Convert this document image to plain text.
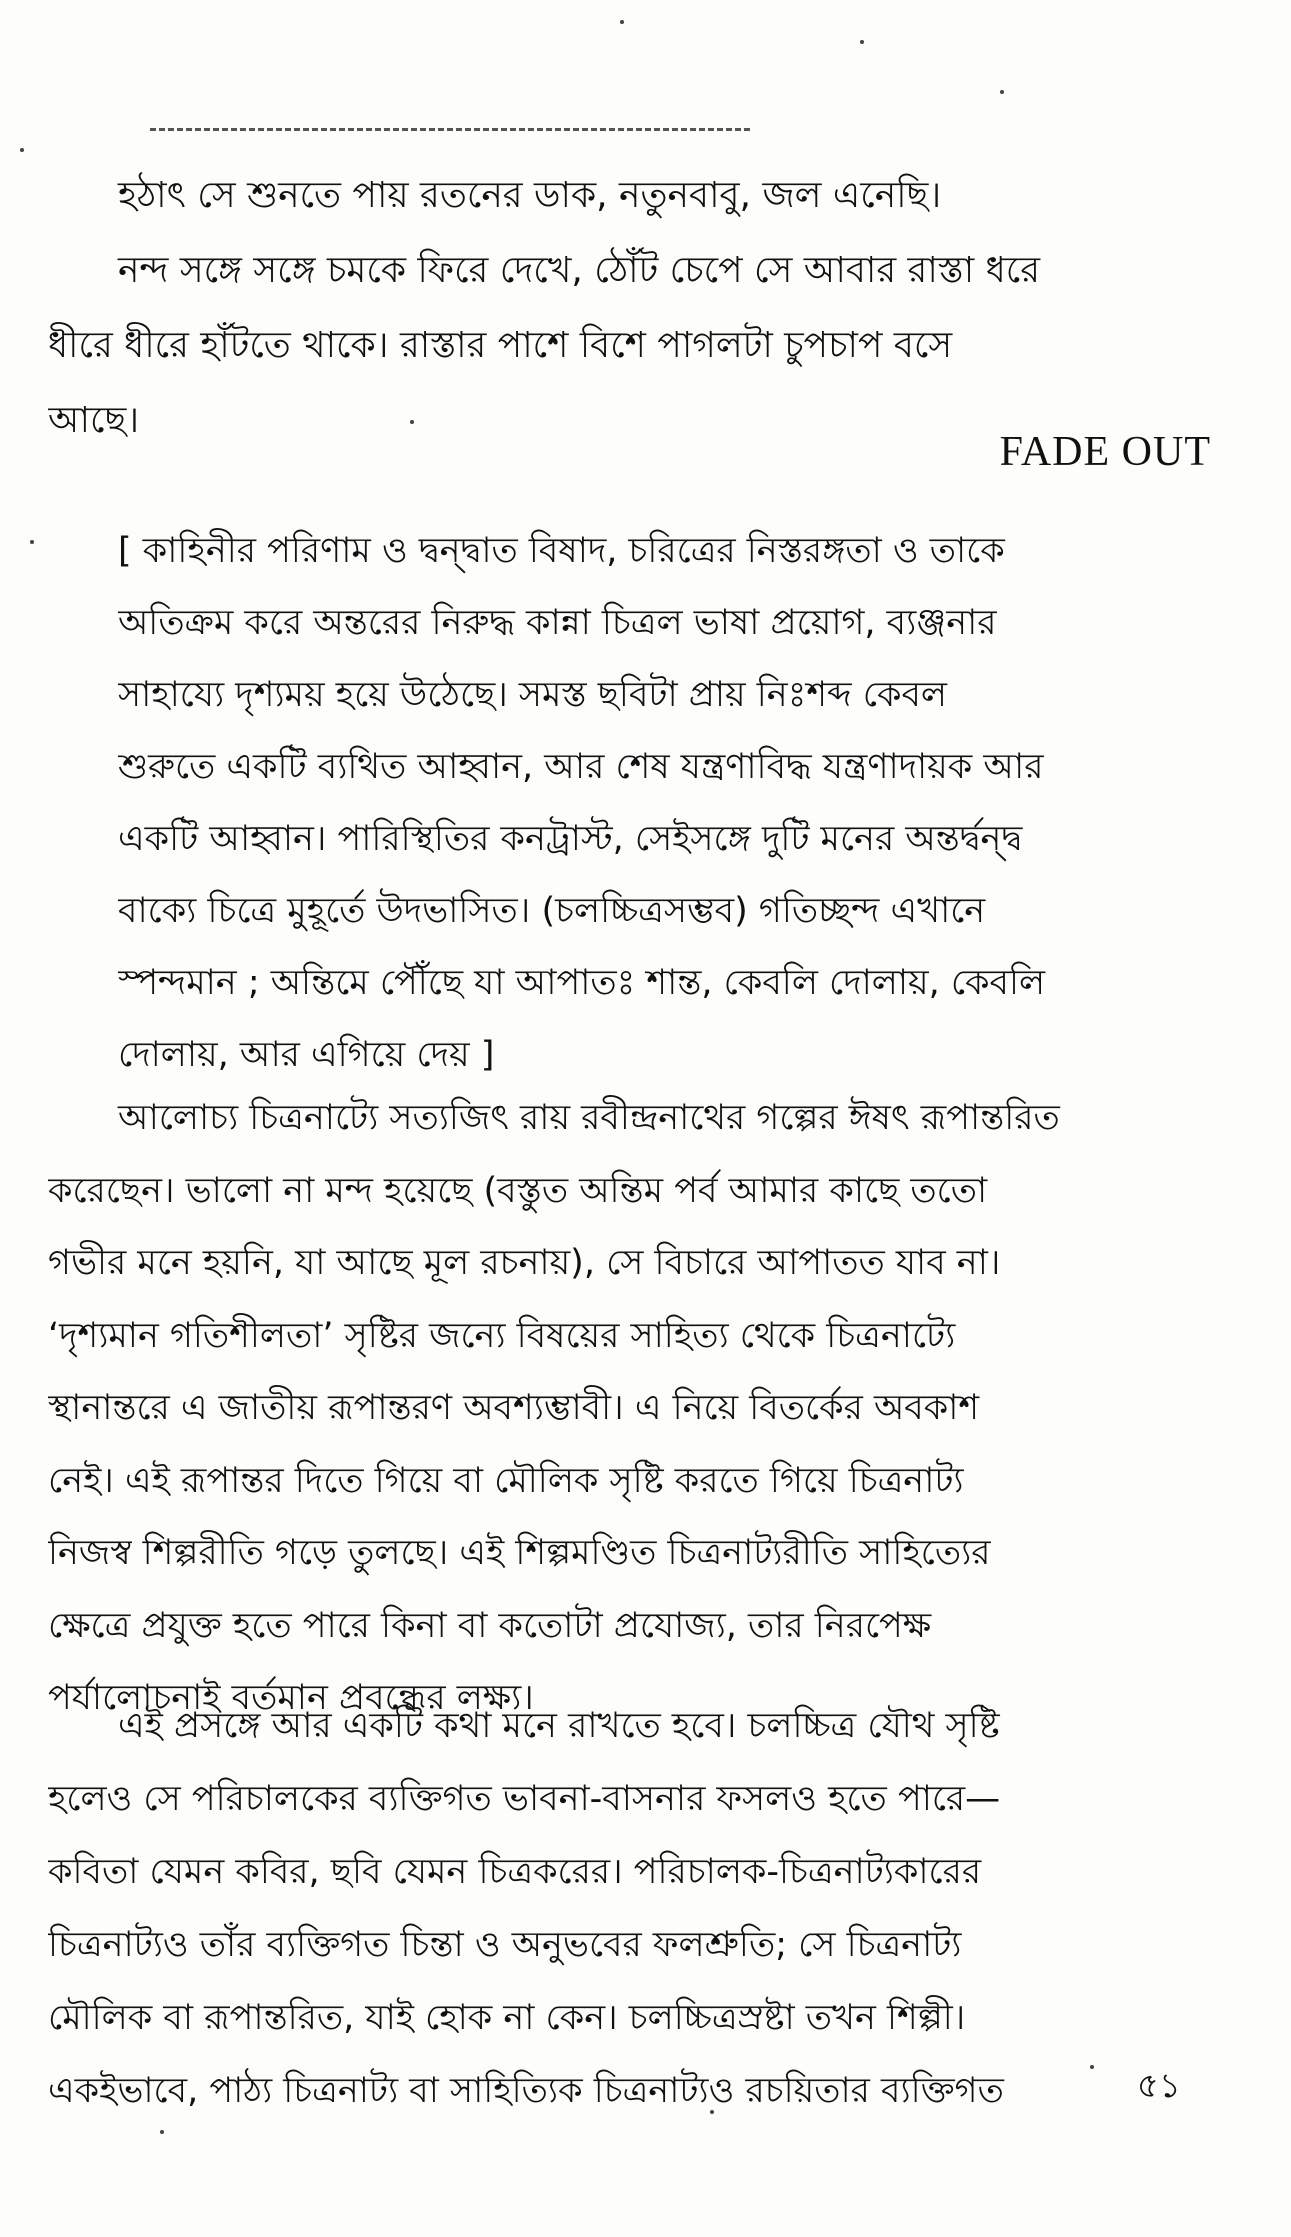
হঠাৎ সে শুনতে পায় রতনের ডাক, নতুনবাবু, জল এনেছি।
নন্দ সঙ্গে সঙ্গে চমকে ফিরে দেখে, ঠোঁট চেপে সে আবার রাস্তা ধরে
ধীরে ধীরে হাঁটতে থাকে। রাস্তার পাশে বিশে পাগলটা চুপচাপ বসে
আছে।
FADE OUT
[ কাহিনীর পরিণাম ও দ্বন্দ্বাত বিষাদ, চরিত্রের নিস্তরঙ্গতা ও তাকে
অতিক্রম করে অন্তরের নিরুদ্ধ কান্না চিত্রল ভাষা প্রয়োগ, ব্যঞ্জনার
সাহায্যে দৃশ্যময় হয়ে উঠেছে। সমস্ত ছবিটা প্রায় নিঃশব্দ কেবল
শুরুতে একটি ব্যথিত আহ্বান, আর শেষ যন্ত্রণাবিদ্ধ যন্ত্রণাদায়ক আর
একটি আহ্বান। পারিস্থিতির কনট্রাস্ট, সেইসঙ্গে দুটি মনের অন্তর্দ্বন্দ্ব
বাক্যে চিত্রে মুহূর্তে উদভাসিত। (চলচ্চিত্রসম্ভব) গতিচ্ছন্দ এখানে
স্পন্দমান ; অন্তিমে পৌঁছে যা আপাতঃ শান্ত, কেবলি দোলায়, কেবলি
দোলায়, আর এগিয়ে দেয় ]
আলোচ্য চিত্রনাট্যে সত্যজিৎ রায় রবীন্দ্রনাথের গল্পের ঈষৎ রূপান্তরিত
করেছেন। ভালো না মন্দ হয়েছে (বস্তুত অন্তিম পর্ব আমার কাছে ততো
গভীর মনে হয়নি, যা আছে মূল রচনায়), সে বিচারে আপাতত যাব না।
‘দৃশ্যমান গতিশীলতা’ সৃষ্টির জন্যে বিষয়ের সাহিত্য থেকে চিত্রনাট্যে
স্থানান্তরে এ জাতীয় রূপান্তরণ অবশ্যম্ভাবী। এ নিয়ে বিতর্কের অবকাশ
নেই। এই রূপান্তর দিতে গিয়ে বা মৌলিক সৃষ্টি করতে গিয়ে চিত্রনাট্য
নিজস্ব শিল্পরীতি গড়ে তুলছে। এই শিল্পমণ্ডিত চিত্রনাট্যরীতি সাহিত্যের
ক্ষেত্রে প্রযুক্ত হতে পারে কিনা বা কতোটা প্রযোজ্য, তার নিরপেক্ষ
পর্যালোচনাই বর্তমান প্রবন্ধের লক্ষ্য।
এই প্রসঙ্গে আর একটি কথা মনে রাখতে হবে। চলচ্চিত্র যৌথ সৃষ্টি
হলেও সে পরিচালকের ব্যক্তিগত ভাবনা-বাসনার ফসলও হতে পারে—
কবিতা যেমন কবির, ছবি যেমন চিত্রকরের। পরিচালক-চিত্রনাট্যকারের
চিত্রনাট্যও তাঁর ব্যক্তিগত চিন্তা ও অনুভবের ফলশ্রুতি; সে চিত্রনাট্য
মৌলিক বা রূপান্তরিত, যাই হোক না কেন। চলচ্চিত্রস্রষ্টা তখন শিল্পী।
একইভাবে, পাঠ্য চিত্রনাট্য বা সাহিত্যিক চিত্রনাট্যও রচয়িতার ব্যক্তিগত	৫১
